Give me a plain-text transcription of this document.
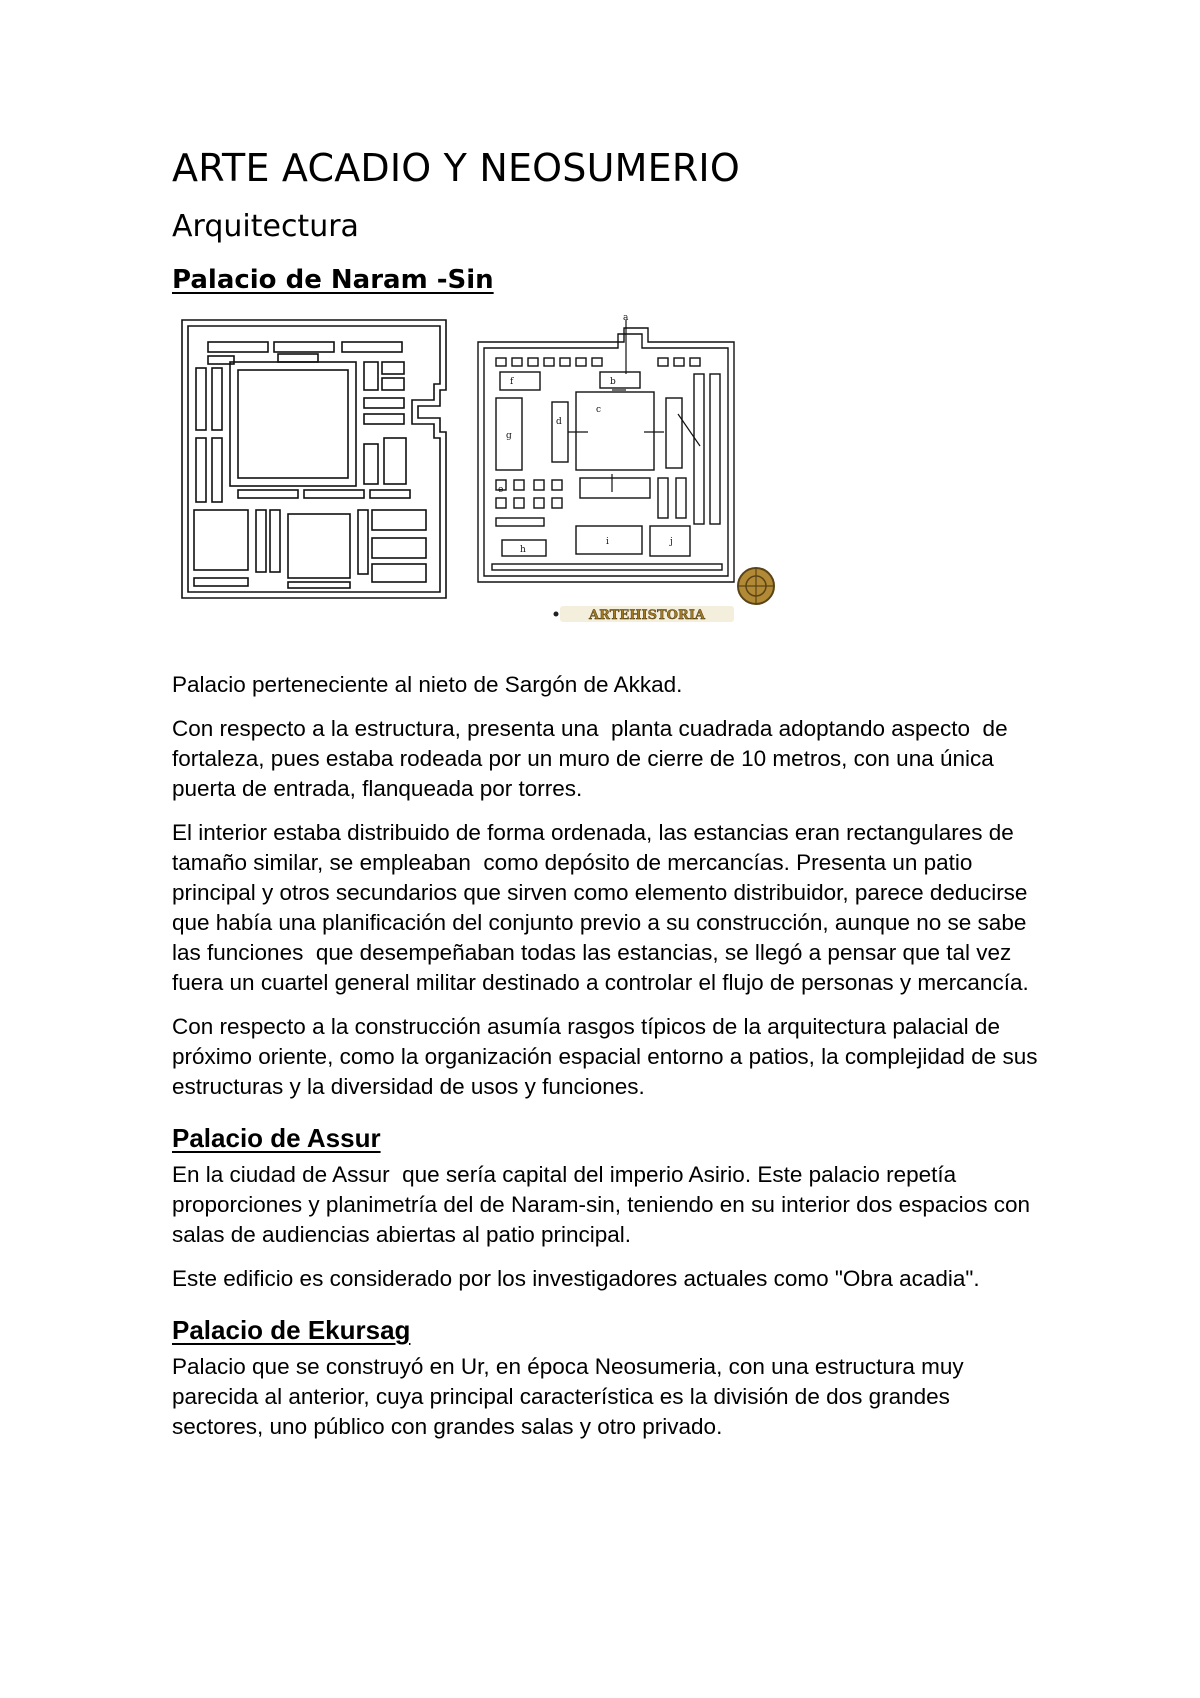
ARTE ACADIO Y NEOSUMERIO
Arquitectura
Palacio de Naram -Sin
a
b
c
d
e
f
g
h
i	j
ARTEHISTORIA

Palacio perteneciente al nieto de Sargón de Akkad.

Con respecto a la estructura, presenta una  planta cuadrada adoptando aspecto  de fortaleza, pues estaba rodeada por un muro de cierre de 10 metros, con una única puerta de entrada, flanqueada por torres.

El interior estaba distribuido de forma ordenada, las estancias eran rectangulares de tamaño similar, se empleaban  como depósito de mercancías. Presenta un patio principal y otros secundarios que sirven como elemento distribuidor, parece deducirse que había una planificación del conjunto previo a su construcción, aunque no se sabe las funciones  que desempeñaban todas las estancias, se llegó a pensar que tal vez fuera un cuartel general militar destinado a controlar el flujo de personas y mercancía.

Con respecto a la construcción asumía rasgos típicos de la arquitectura palacial de próximo oriente, como la organización espacial entorno a patios, la complejidad de sus estructuras y la diversidad de usos y funciones.

Palacio de Assur

En la ciudad de Assur  que sería capital del imperio Asirio. Este palacio repetía proporciones y planimetría del de Naram-sin, teniendo en su interior dos espacios con salas de audiencias abiertas al patio principal.

Este edificio es considerado por los investigadores actuales como "Obra acadia".

Palacio de Ekursag

Palacio que se construyó en Ur, en época Neosumeria, con una estructura muy parecida al anterior, cuya principal característica es la división de dos grandes sectores, uno público con grandes salas y otro privado.
